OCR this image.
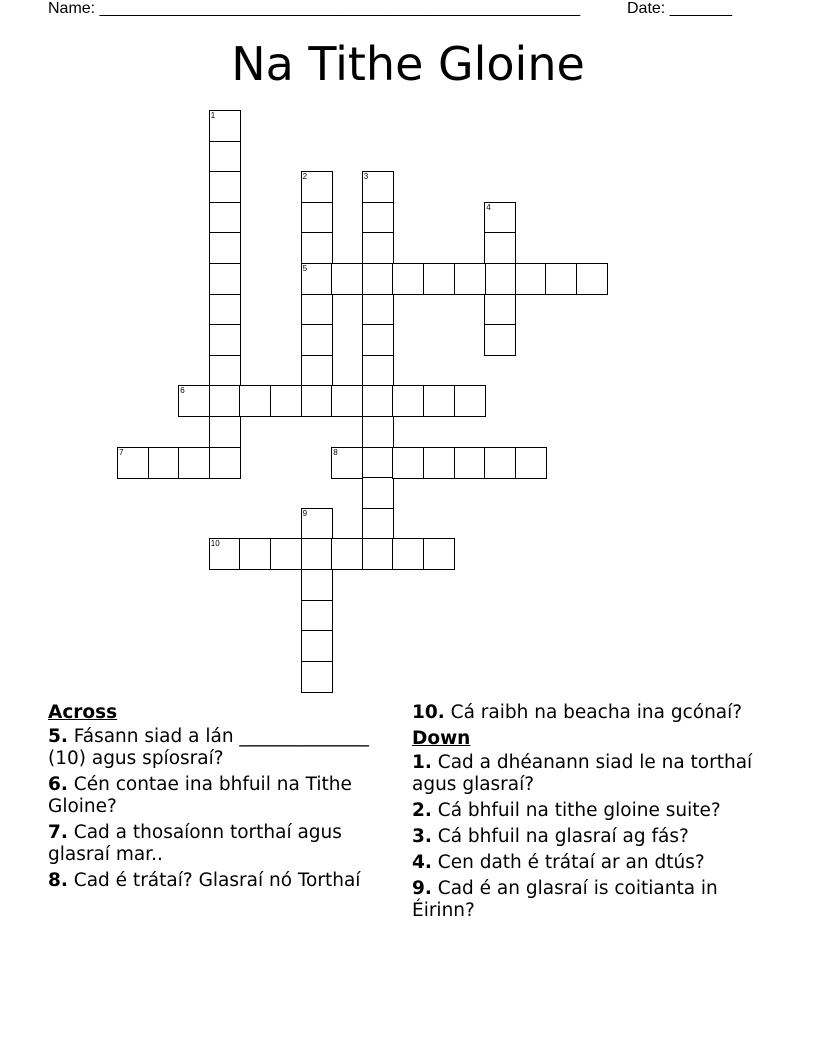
Name: ______________________________________________________	Date: _______
Na Tithe Gloine
1
2
5
3
4
6
7	8
9
10
Across
5. Fásann siad a lán ______________ (10) agus spíosraí?
6. Cén contae ina bhfuil na Tithe Gloine?
7. Cad a thosaíonn torthaí agus glasraí mar..
8. Cad é trátaí? Glasraí nó Torthaí
10. Cá raibh na beacha ina gcónaí?
Down
1. Cad a dhéanann siad le na torthaí agus glasraí?
2. Cá bhfuil na tithe gloine suite?
3. Cá bhfuil na glasraí ag fás?
4. Cen dath é trátaí ar an dtús?
9. Cad é an glasraí is coitianta in Éirinn?
